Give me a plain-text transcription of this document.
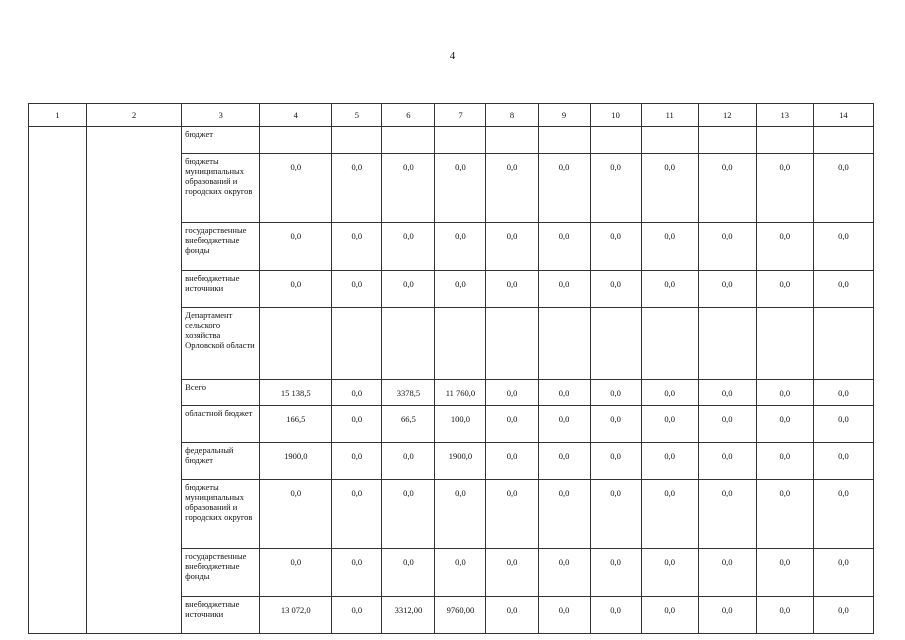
4
1	2	3	4	5	6	7	8	9	10	11	12	13	14
		бюджет											
		бюджеты муниципальных образований и городских округов	0,0	0,0	0,0	0,0	0,0	0,0	0,0	0,0	0,0	0,0	0,0
		государственные внебюджетные фонды	0,0	0,0	0,0	0,0	0,0	0,0	0,0	0,0	0,0	0,0	0,0
		внебюджетные источники	0,0	0,0	0,0	0,0	0,0	0,0	0,0	0,0	0,0	0,0	0,0
		Департамент сельского хозяйства Орловской области											
		Всего	15 138,5	0,0	3378,5	11 760,0	0,0	0,0	0,0	0,0	0,0	0,0	0,0
		областной бюджет	166,5	0,0	66,5	100,0	0,0	0,0	0,0	0,0	0,0	0,0	0,0
		федеральный бюджет	1900,0	0,0	0,0	1900,0	0,0	0,0	0,0	0,0	0,0	0,0	0,0
		бюджеты муниципальных образований и городских округов	0,0	0,0	0,0	0,0	0,0	0,0	0,0	0,0	0,0	0,0	0,0
		государственные внебюджетные фонды	0,0	0,0	0,0	0,0	0,0	0,0	0,0	0,0	0,0	0,0	0,0
		внебюджетные источники	13 072,0	0,0	3312,00	9760,00	0,0	0,0	0,0	0,0	0,0	0,0	0,0
